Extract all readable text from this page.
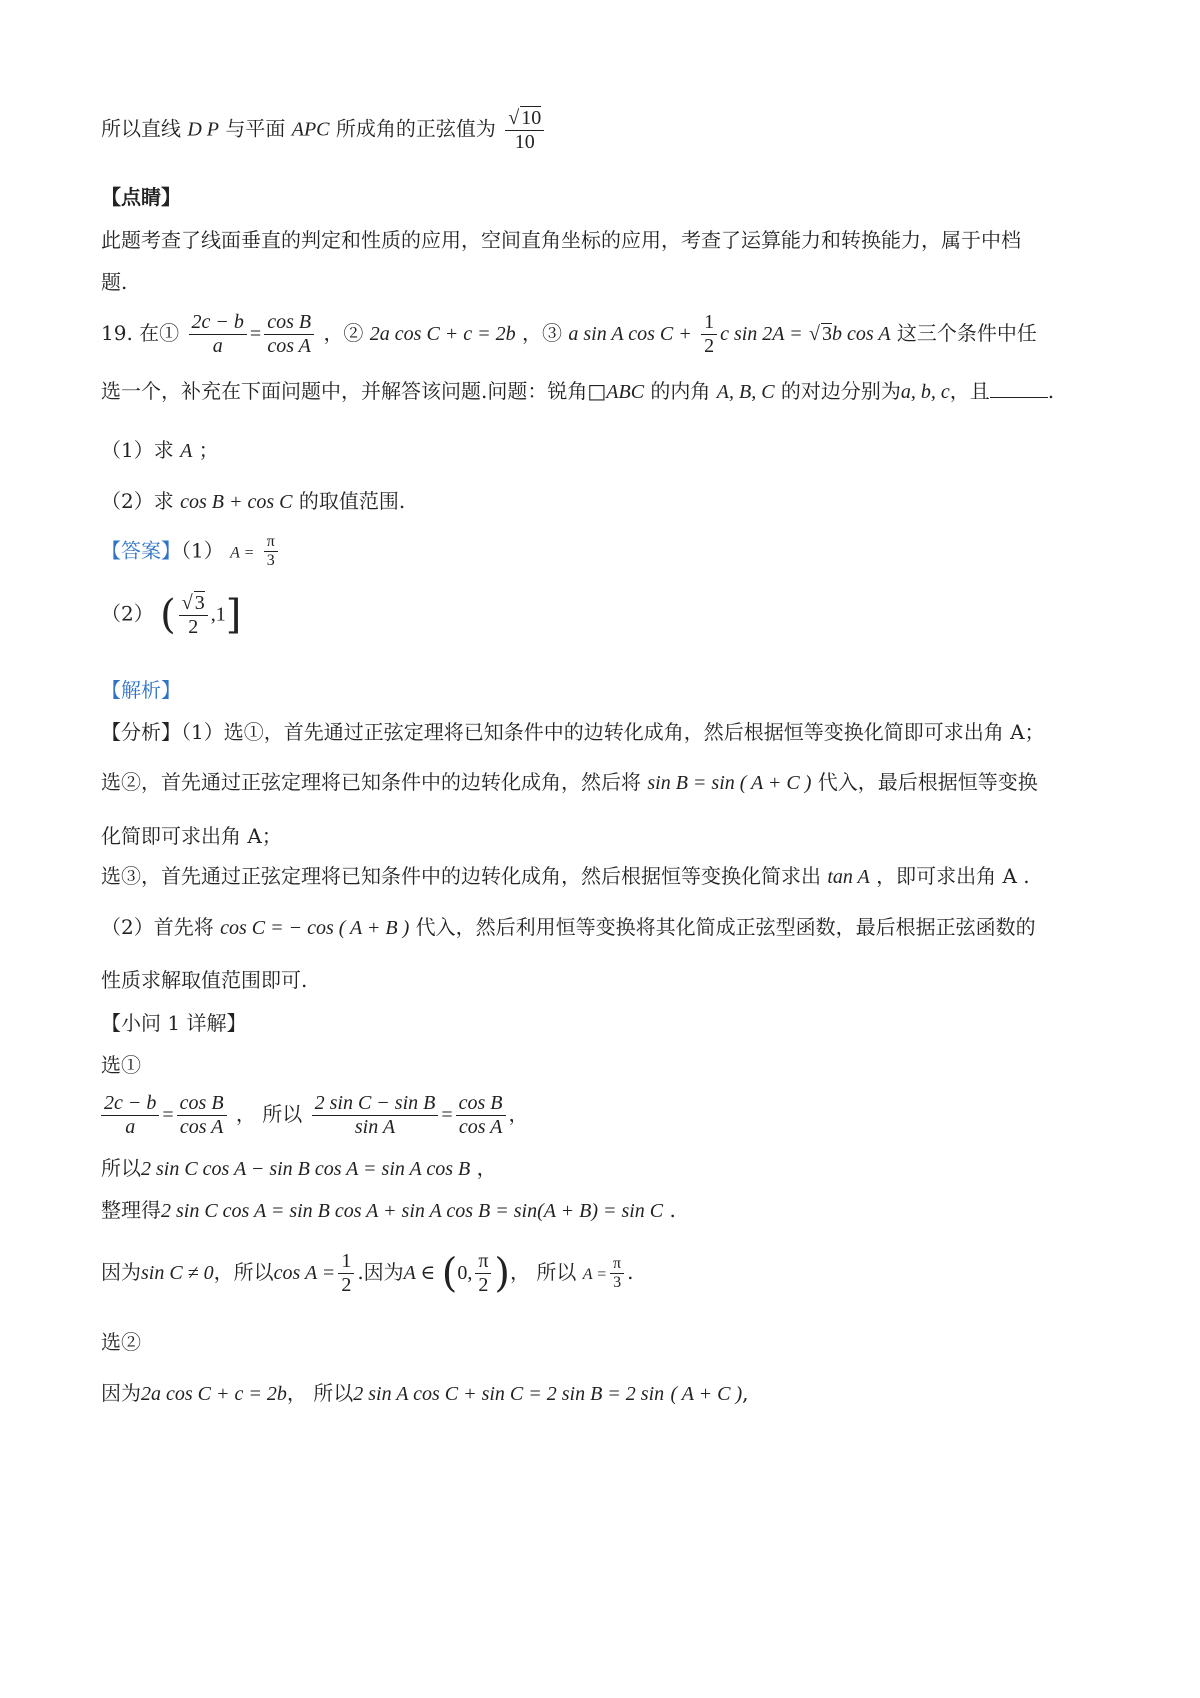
所以直线 D P 与平面 APC 所成角的正弦值为 $\frac{√ 10}{10}$
【点睛】
此题考查了线面垂直的判定和性质的应用，空间直角坐标的应用，考查了运算能力和转换能力，属于中档
题.
19. 在① $\frac{2c - b}{a} = \frac{\text{cos B}}{\text{cos A}}$ ，② 2a cos C + c = 2b ，③ a sin A $\cos C + \frac{1}{2}$ c sin 2A = √ 3b cos A 这三个条件中任
选一个，补充在下面问题中，并解答该问题.问题：锐角□ABC 的内角 A, B, C 的对边分别为a, b, c，且	.
（1）求 A ；
（2）求 cos B + cos C 的取值范围.
【答案】（1） $A = \frac{\pi}{3}$
（2） ( $\frac{√ 3}{2} ,1$]
【解析】
【分析】（1）选①，首先通过正弦定理将已知条件中的边转化成角，然后根据恒等变换化简即可求出角 A；
选②，首先通过正弦定理将已知条件中的边转化成角，然后将 sin B = sin ( A + C ) 代入，最后根据恒等变换
化简即可求出角 A；
选③，首先通过正弦定理将已知条件中的边转化成角，然后根据恒等变换化简求出 tan A ，即可求出角 A .
（2）首先将 cos C = − cos ( A + B ) 代入，然后利用恒等变换将其化简成正弦型函数，最后根据正弦函数的
性质求解取值范围即可.
【小问 1 详解】
选①
$\frac{2c - b}{a} = \frac{\text{cos B}}{\text{cos A}}$ ， 所以 $\frac{\text{2 sin C − sin B}}{\text{sin A}} = \frac{\text{cos B}}{\text{cos A}}$ ，
所以2 sin C cos A − sin B cos A = sin A cos B ，
整理得2 sin C cos A = sin B cos A + sin A cos B = sin(A + B) = sin C .
因为sin C ≠ 0，所以$\cos A = \frac{1}{2}$ .因为A ∈ (0, $\frac{\pi}{2}$ )， 所以 $A = \frac{\pi}{3}$ .
选②
因为2a cos C + c = 2b， 所以2 sin A cos C + sin C = 2 sin B = 2 sin ( A + C ),
